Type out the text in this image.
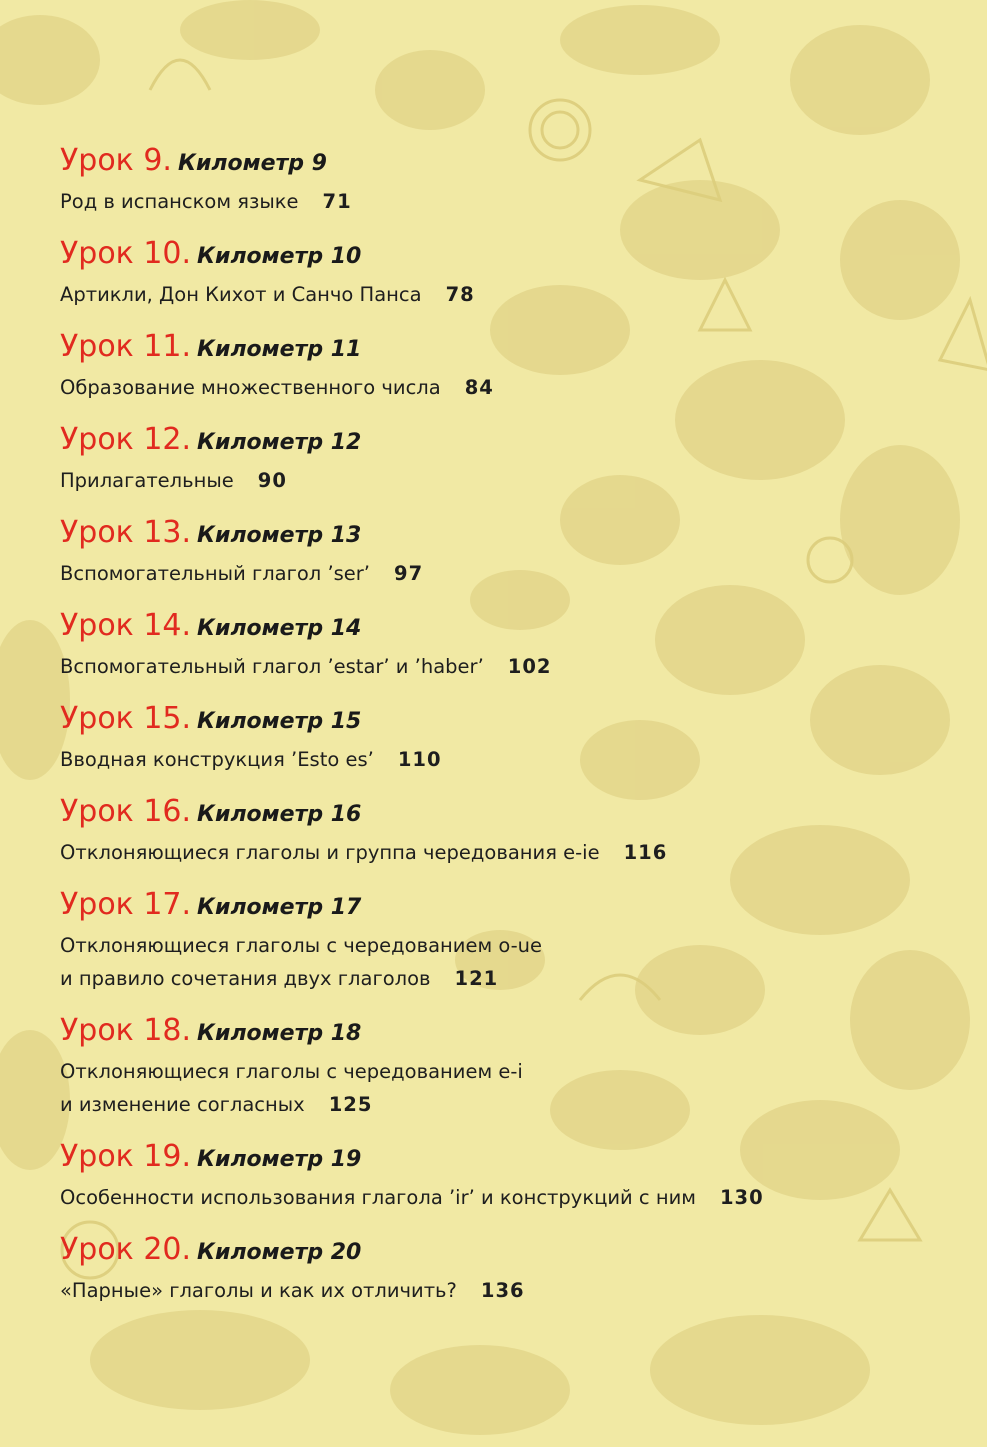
Урок 9. Километр 9
Род в испанском языке 71
Урок 10. Километр 10
Артикли, Дон Кихот и Санчо Панса 78
Урок 11. Километр 11
Образование множественного числа 84
Урок 12. Километр 12
Прилагательные 90
Урок 13. Километр 13
Вспомогательный глагол ’ser’ 97
Урок 14. Километр 14
Вспомогательный глагол ’estar’ и ’haber’ 102
Урок 15. Километр 15
Вводная конструкция ’Esto es’ 110
Урок 16. Километр 16
Отклоняющиеся глаголы и группа чередования e-ie 116
Урок 17. Километр 17
Отклоняющиеся глаголы с чередованием o-ue
и правило сочетания двух глаголов 121
Урок 18. Километр 18
Отклоняющиеся глаголы с чередованием e-i
и изменение согласных 125
Урок 19. Километр 19
Особенности использования глагола ’ir’ и конструкций с ним 130
Урок 20. Километр 20
«Парные» глаголы и как их отличить? 136
